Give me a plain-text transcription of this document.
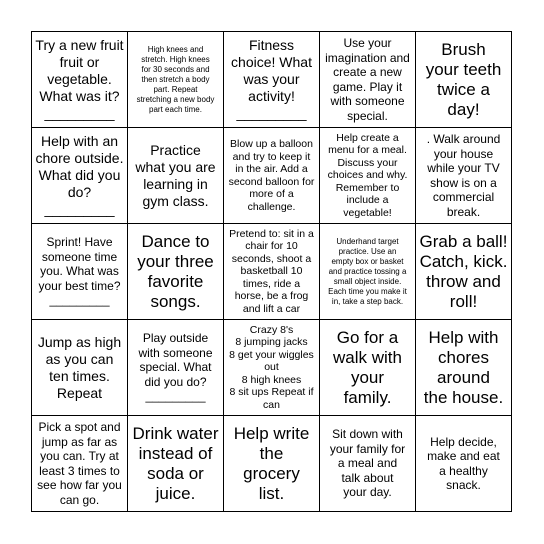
Try a new fruit
fruit or
vegetable.
What was it?
_________
High knees and
stretch. High knees
for 30 seconds and
then stretch a body
part. Repeat
stretching a new body
part each time.
Fitness
choice! What
was your
activity!
_________
Use your
imagination and
create a new
game. Play it
with someone
special.
Brush
your teeth
twice a
day!
Help with an
chore outside.
What did you
do?
_________
Practice
what you are
learning in
gym class.
Blow up a balloon
and try to keep it
in the air. Add a
second balloon for
more of a
challenge.
Help create a
menu for a meal.
Discuss your
choices and why.
Remember to
include a
vegetable!
. Walk around
your house
while your TV
show is on a
commercial
break.
Sprint! Have
someone time
you. What was
your best time?
_________
Dance to
your three
favorite
songs.
Pretend to: sit in a
chair for 10
seconds, shoot a
basketball 10
times, ride a
horse, be a frog
and lift a car
Underhand target
practice. Use an
empty box or basket
and practice tossing a
small object inside.
Each time you make it
in, take a step back.
Grab a ball!
Catch, kick.
throw and
roll!
Jump as high
as you can
ten times.
Repeat
Play outside
with someone
special. What
did you do?
_________
Crazy 8's
8 jumping jacks
8 get your wiggles
out
8 high knees
8 sit ups Repeat if
can
Go for a
walk with
your
family.
Help with
chores
around
the house.
Pick a spot and
jump as far as
you can. Try at
least 3 times to
see how far you
can go.
Drink water
instead of
soda or
juice.
Help write
the
grocery
list.
Sit down with
your family for
a meal and
talk about
your day.
Help decide,
make and eat
a healthy
snack.
